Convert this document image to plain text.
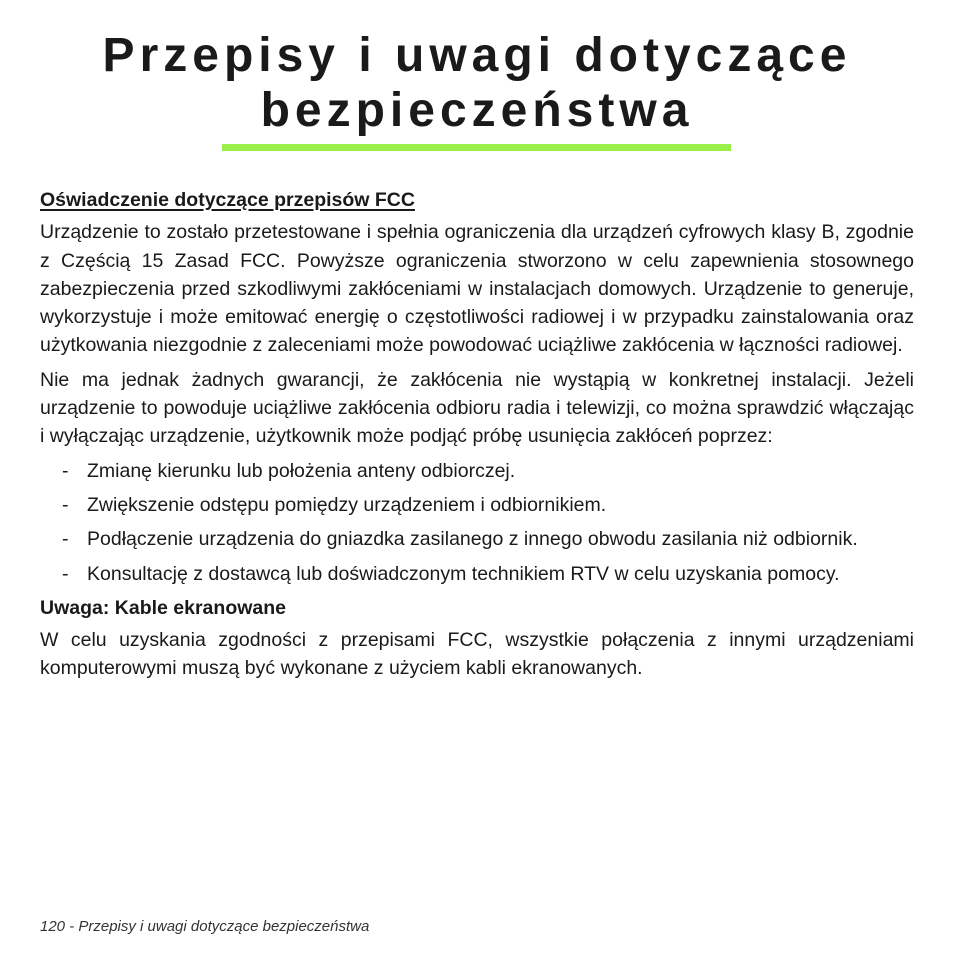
Przepisy i uwagi dotyczące
bezpieczeństwa
Oświadczenie dotyczące przepisów FCC

Urządzenie to zostało przetestowane i spełnia ograniczenia dla urządzeń cyfrowych klasy B, zgodnie z Częścią 15 Zasad FCC. Powyższe ograniczenia stworzono w celu zapewnienia stosownego zabezpieczenia przed szkodliwymi zakłóceniami w instalacjach domowych. Urządzenie to generuje, wykorzystuje i może emitować energię o częstotliwości radiowej i w przypadku zainstalowania oraz użytkowania niezgodnie z zaleceniami może powodować uciążliwe zakłócenia w łączności radiowej.

Nie ma jednak żadnych gwarancji, że zakłócenia nie wystąpią w konkretnej instalacji. Jeżeli urządzenie to powoduje uciążliwe zakłócenia odbioru radia i telewizji, co można sprawdzić włączając i wyłączając urządzenie, użytkownik może podjąć próbę usunięcia zakłóceń poprzez:

- Zmianę kierunku lub położenia anteny odbiorczej.
- Zwiększenie odstępu pomiędzy urządzeniem i odbiornikiem.
- Podłączenie urządzenia do gniazdka zasilanego z innego obwodu zasilania niż odbiornik.
- Konsultację z dostawcą lub doświadczonym technikiem RTV w celu uzyskania pomocy.
Uwaga: Kable ekranowane

W celu uzyskania zgodności z przepisami FCC, wszystkie połączenia z innymi urządzeniami komputerowymi muszą być wykonane z użyciem kabli ekranowanych.

120 - Przepisy i uwagi dotyczące bezpieczeństwa
